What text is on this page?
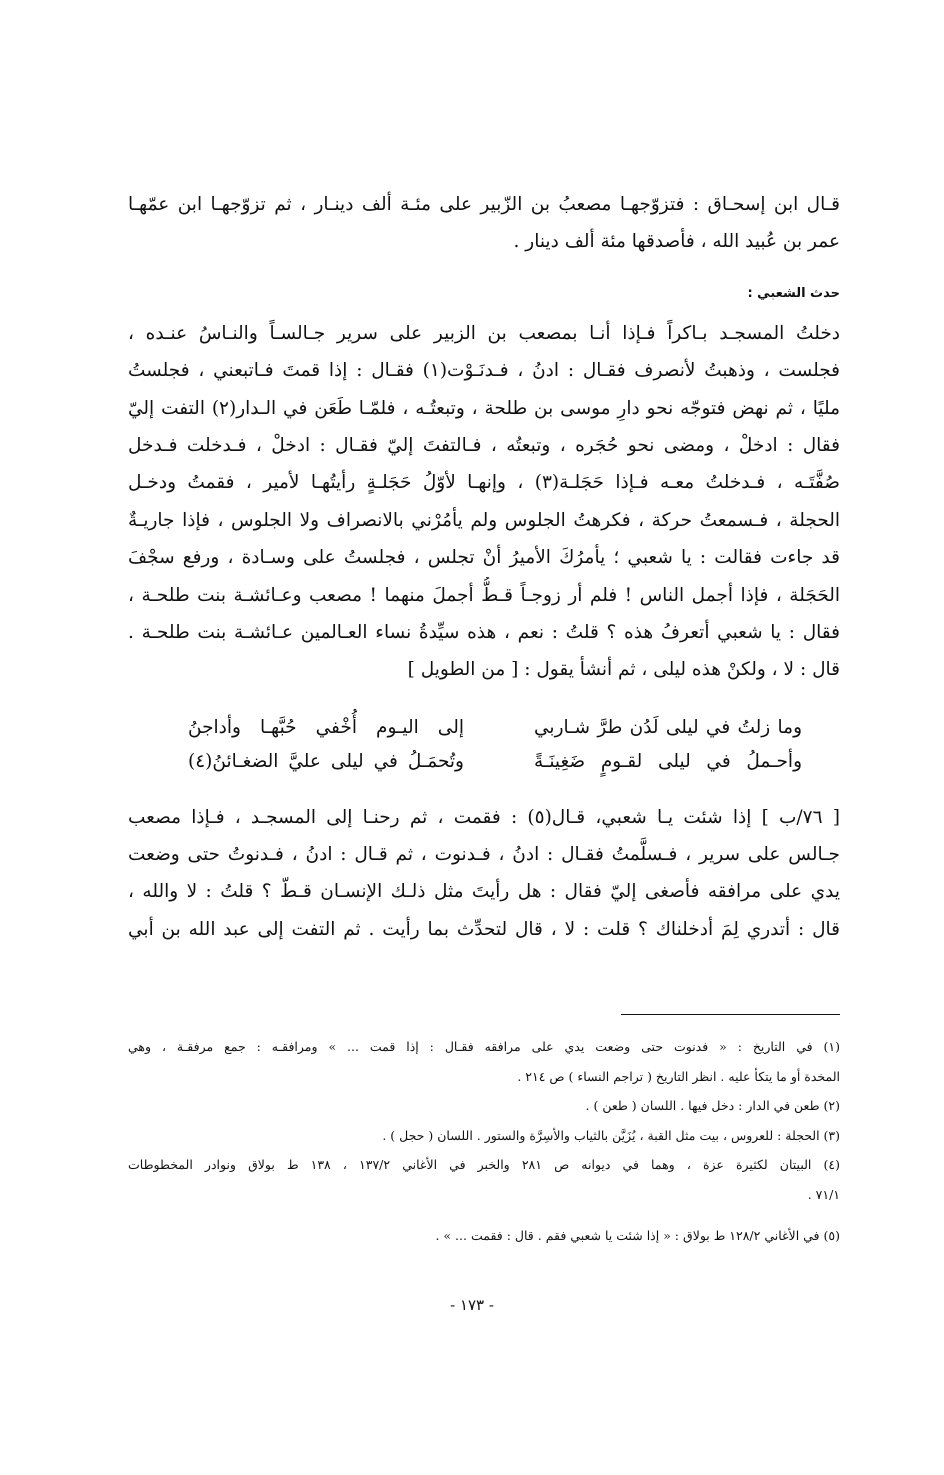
قـال ابن إسحـاق : فتزوّجهـا مصعبُ بن الزّبير على مئـة ألف دينـار ، ثم تزوّجهـا ابن عمّهـا
عمر بن عُبيد الله ، فأصدقها مئة ألف دينار .
حدث الشعبي :
دخلتُ المسجـد بـاكراً فـإذا أنـا بمصعب بن الزبير على سرير جـالسـاً والنـاسُ عنـده ،
فجلست ، وذهبتُ لأنصرف فقـال : ادنُ ، فـدنَـوْت(١) فقـال : إذا قمتَ فـاتبعني ، فجلستُ
مليًا ، ثم نهض فتوجّه نحو دارِ موسى بن طلحة ، وتبعتُـه ، فلمّـا طَعَن في الـدار(٢) التفت إليّ
فقال : ادخلْ ، ومضى نحو حُجَره ، وتبعتُه ، فـالتفتَ إليّ فقـال : ادخلْ ، فـدخلت فـدخل
صُفَّتَـه ، فـدخلتُ معـه فـإذا حَجَلـة(٣) ، وإنهـا لأوّلُ حَجَلـةٍ رأيتُهـا لأمير ، فقمتُ ودخـل
الحجلة ، فـسمعتُ حركة ، فكرهتُ الجلوس ولم يأمُرْني بالانصراف ولا الجلوس ، فإذا جاريـةٌ
قد جاءت فقالت : يا شعبي ؛ يأمرُكَ الأميرُ أنْ تجلس ، فجلستُ على وسـادة ، ورفع سجْفَ
الحَجَلة ، فإذا أجمل الناس ! فلم أر زوجـاً قـطُّ أجملَ منهما ! مصعب وعـائشـة بنت طلحـة ،
فقال : يا شعبي أتعرفُ هذه ؟ قلتُ : نعم ، هذه سيِّدةُ نساء العـالمين عـائشـة بنت طلحـة .
قال : لا ، ولكنْ هذه ليلى ، ثم أنشأ يقول : [ من الطويل ]
وما زلتُ في ليلى لَدُن طرَّ شـاربي
إلى اليـوم أُخْفي حُبَّهـا وأداجنُ
وأحـملُ في ليلى لقـومٍ ضَغِينَـةً
وتُحمَـلُ في ليلى عليَّ الضغـائنُ(٤)
[ ٧٦/ب ] إذا شئت يـا شعبي، قـال(٥) : فقمت ، ثم رحنـا إلى المسجـد ، فـإذا مصعب
جـالس على سرير ، فـسلَّمتُ فقـال : ادنُ ، فـدنوت ، ثم قـال : ادنُ ، فـدنوتُ حتى وضعت
يدي على مرافقه فأصغى إليّ فقال : هل رأيتَ مثل ذلـك الإنسـان قـطّ ؟ قلتُ : لا والله ،
قال : أتدري لِمَ أدخلناك ؟ قلت : لا ، قال لتحدِّث بما رأيت . ثم التفت إلى عبد الله بن أبي
(١) في التاريخ : « فدنوت حتى وضعت يدي على مرافقه فقـال : إذا قمت ... » ومرافقـه : جمع مرفقـة ، وهي
المخدة أو ما يتكأ عليه . انظر التاريخ ( تراجم النساء ) ص ٢١٤ .
(٢) طعن في الدار : دخل فيها . اللسان ( طعن ) .
(٣) الحجلة : للعروس ، بيت مثل القبة ، يُزَيَّن بالثياب والأسِرَّة والستور . اللسان ( حجل ) .
(٤) البيتان لكثيرة عزة ، وهما في ديوانه ص ٢٨١ والخبر في الأغاني ١٣٧/٢ ، ١٣٨ ط بولاق ونوادر المخطوطات
٧١/١ .
(٥) في الأغاني ١٢٨/٢ ط بولاق : « إذا شئت يا شعبي فقم . قال : فقمت ... » .
- ١٧٣ -
